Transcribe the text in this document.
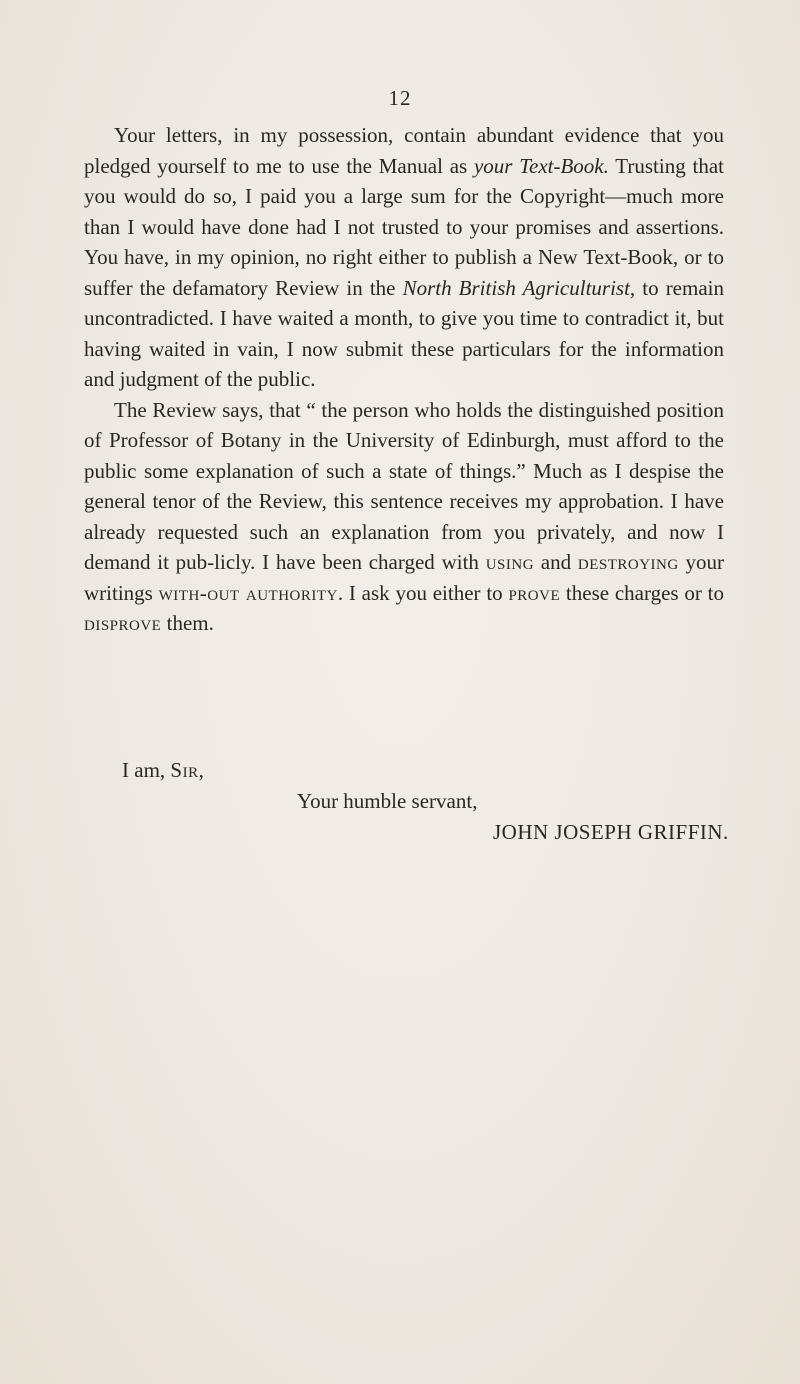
12

Your letters, in my possession, contain abundant evidence that you pledged yourself to me to use the Manual as your Text-Book. Trusting that you would do so, I paid you a large sum for the Copyright—much more than I would have done had I not trusted to your promises and assertions. You have, in my opinion, no right either to publish a New Text-Book, or to suffer the defamatory Review in the North British Agriculturist, to remain uncontradicted. I have waited a month, to give you time to contradict it, but having waited in vain, I now submit these particulars for the information and judgment of the public.

The Review says, that “ the person who holds the distinguished position of Professor of Botany in the University of Edinburgh, must afford to the public some explanation of such a state of things.” Much as I despise the general tenor of the Review, this sentence receives my approbation. I have already requested such an explanation from you privately, and now I demand it pub-licly. I have been charged with using and destroying your writings with-out authority. I ask you either to prove these charges or to disprove them.

I am, Sir,
Your humble servant,
JOHN JOSEPH GRIFFIN.
